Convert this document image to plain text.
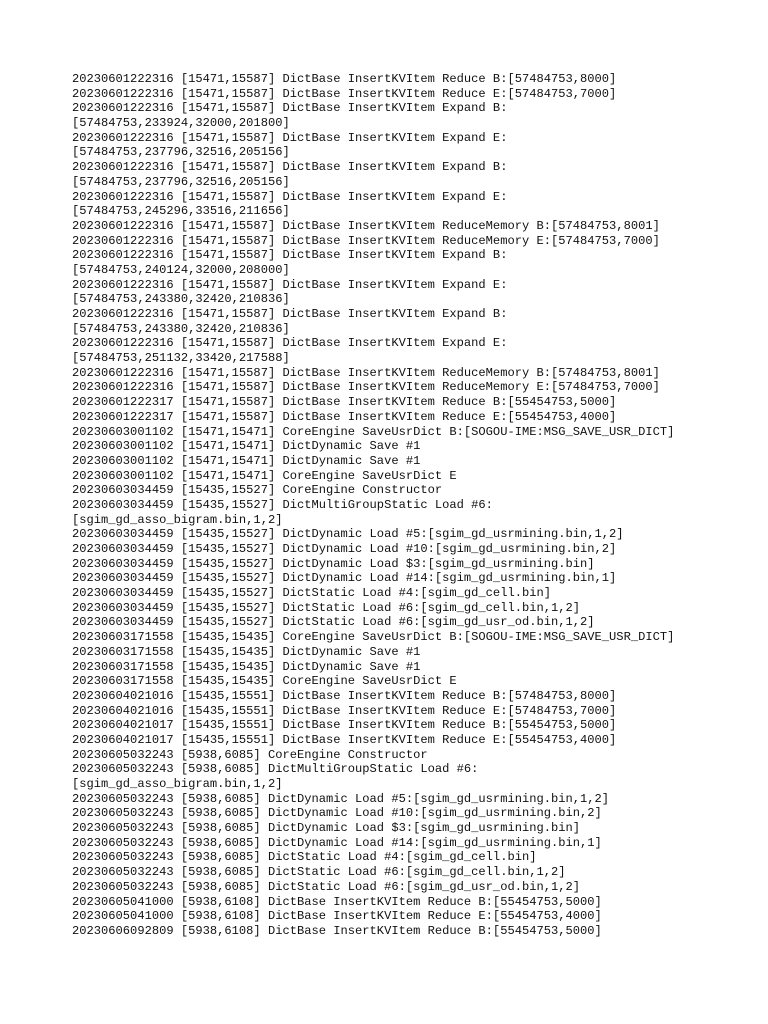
20230601222316 [15471,15587] DictBase InsertKVItem Reduce B:[57484753,8000]
20230601222316 [15471,15587] DictBase InsertKVItem Reduce E:[57484753,7000]
20230601222316 [15471,15587] DictBase InsertKVItem Expand B:
[57484753,233924,32000,201800]
20230601222316 [15471,15587] DictBase InsertKVItem Expand E:
[57484753,237796,32516,205156]
20230601222316 [15471,15587] DictBase InsertKVItem Expand B:
[57484753,237796,32516,205156]
20230601222316 [15471,15587] DictBase InsertKVItem Expand E:
[57484753,245296,33516,211656]
20230601222316 [15471,15587] DictBase InsertKVItem ReduceMemory B:[57484753,8001]
20230601222316 [15471,15587] DictBase InsertKVItem ReduceMemory E:[57484753,7000]
20230601222316 [15471,15587] DictBase InsertKVItem Expand B:
[57484753,240124,32000,208000]
20230601222316 [15471,15587] DictBase InsertKVItem Expand E:
[57484753,243380,32420,210836]
20230601222316 [15471,15587] DictBase InsertKVItem Expand B:
[57484753,243380,32420,210836]
20230601222316 [15471,15587] DictBase InsertKVItem Expand E:
[57484753,251132,33420,217588]
20230601222316 [15471,15587] DictBase InsertKVItem ReduceMemory B:[57484753,8001]
20230601222316 [15471,15587] DictBase InsertKVItem ReduceMemory E:[57484753,7000]
20230601222317 [15471,15587] DictBase InsertKVItem Reduce B:[55454753,5000]
20230601222317 [15471,15587] DictBase InsertKVItem Reduce E:[55454753,4000]
20230603001102 [15471,15471] CoreEngine SaveUsrDict B:[SOGOU-IME:MSG_SAVE_USR_DICT]
20230603001102 [15471,15471] DictDynamic Save #1
20230603001102 [15471,15471] DictDynamic Save #1
20230603001102 [15471,15471] CoreEngine SaveUsrDict E
20230603034459 [15435,15527] CoreEngine Constructor
20230603034459 [15435,15527] DictMultiGroupStatic Load #6:
[sgim_gd_asso_bigram.bin,1,2]
20230603034459 [15435,15527] DictDynamic Load #5:[sgim_gd_usrmining.bin,1,2]
20230603034459 [15435,15527] DictDynamic Load #10:[sgim_gd_usrmining.bin,2]
20230603034459 [15435,15527] DictDynamic Load $3:[sgim_gd_usrmining.bin]
20230603034459 [15435,15527] DictDynamic Load #14:[sgim_gd_usrmining.bin,1]
20230603034459 [15435,15527] DictStatic Load #4:[sgim_gd_cell.bin]
20230603034459 [15435,15527] DictStatic Load #6:[sgim_gd_cell.bin,1,2]
20230603034459 [15435,15527] DictStatic Load #6:[sgim_gd_usr_od.bin,1,2]
20230603171558 [15435,15435] CoreEngine SaveUsrDict B:[SOGOU-IME:MSG_SAVE_USR_DICT]
20230603171558 [15435,15435] DictDynamic Save #1
20230603171558 [15435,15435] DictDynamic Save #1
20230603171558 [15435,15435] CoreEngine SaveUsrDict E
20230604021016 [15435,15551] DictBase InsertKVItem Reduce B:[57484753,8000]
20230604021016 [15435,15551] DictBase InsertKVItem Reduce E:[57484753,7000]
20230604021017 [15435,15551] DictBase InsertKVItem Reduce B:[55454753,5000]
20230604021017 [15435,15551] DictBase InsertKVItem Reduce E:[55454753,4000]
20230605032243 [5938,6085] CoreEngine Constructor
20230605032243 [5938,6085] DictMultiGroupStatic Load #6:
[sgim_gd_asso_bigram.bin,1,2]
20230605032243 [5938,6085] DictDynamic Load #5:[sgim_gd_usrmining.bin,1,2]
20230605032243 [5938,6085] DictDynamic Load #10:[sgim_gd_usrmining.bin,2]
20230605032243 [5938,6085] DictDynamic Load $3:[sgim_gd_usrmining.bin]
20230605032243 [5938,6085] DictDynamic Load #14:[sgim_gd_usrmining.bin,1]
20230605032243 [5938,6085] DictStatic Load #4:[sgim_gd_cell.bin]
20230605032243 [5938,6085] DictStatic Load #6:[sgim_gd_cell.bin,1,2]
20230605032243 [5938,6085] DictStatic Load #6:[sgim_gd_usr_od.bin,1,2]
20230605041000 [5938,6108] DictBase InsertKVItem Reduce B:[55454753,5000]
20230605041000 [5938,6108] DictBase InsertKVItem Reduce E:[55454753,4000]
20230606092809 [5938,6108] DictBase InsertKVItem Reduce B:[55454753,5000]
